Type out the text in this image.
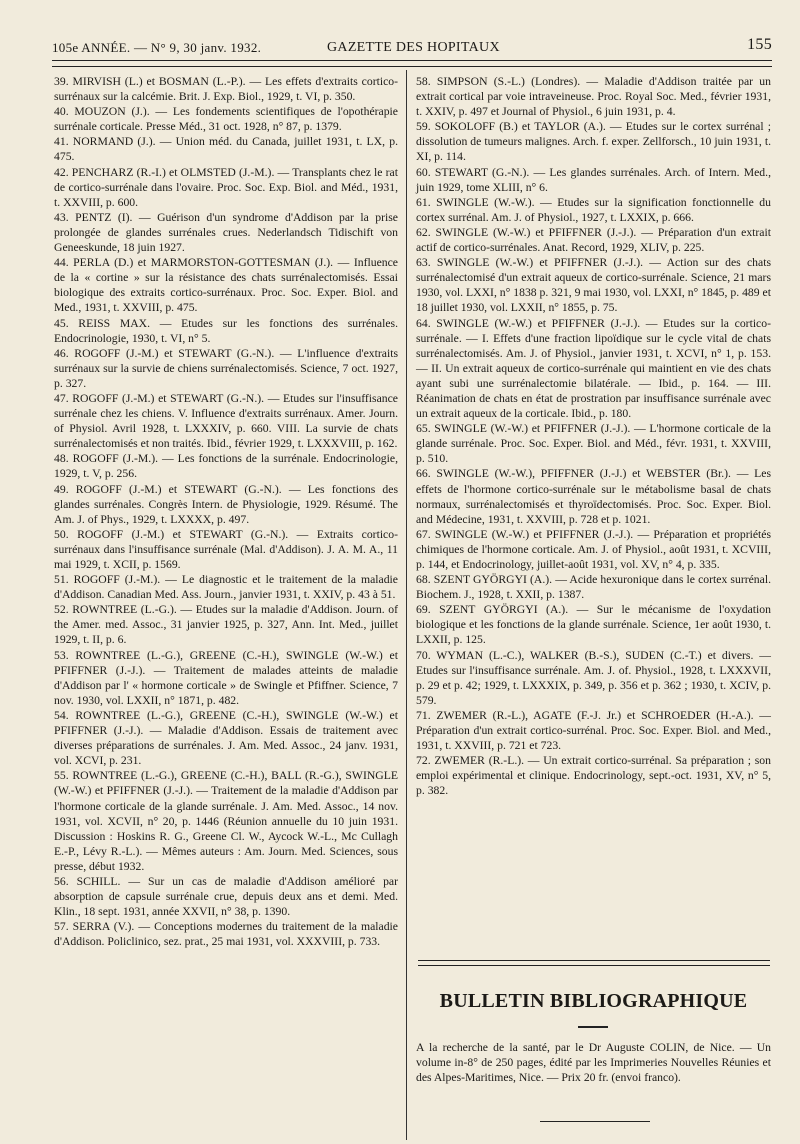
105e ANNÉE. — N° 9, 30 janv. 1932.	GAZETTE DES HOPITAUX	155
39. MIRVISH (L.) et BOSMAN (L.-P.). — Les effets d'extraits cortico-surrénaux sur la calcémie. Brit. J. Exp. Biol., 1929, t. VI, p. 350.
40. MOUZON (J.). — Les fondements scientifiques de l'opothérapie surrénale corticale. Presse Méd., 31 oct. 1928, n° 87, p. 1379.
41. NORMAND (J.). — Union méd. du Canada, juillet 1931, t. LX, p. 475.
42. PENCHARZ (R.-I.) et OLMSTED (J.-M.). — Transplants chez le rat de cortico-surrénale dans l'ovaire. Proc. Soc. Exp. Biol. and Méd., 1931, t. XXVIII, p. 600.
43. PENTZ (I). — Guérison d'un syndrome d'Addison par la prise prolongée de glandes surrénales crues. Nederlandsch Tidischift von Geneeskunde, 18 juin 1927.
44. PERLA (D.) et MARMORSTON-GOTTESMAN (J.). — Influence de la « cortine » sur la résistance des chats surrénalectomisés. Essai biologique des extraits cortico-surrénaux. Proc. Soc. Exper. Biol. and Med., 1931, t. XXVIII, p. 475.
45. REISS MAX. — Etudes sur les fonctions des surrénales. Endocrinologie, 1930, t. VI, n° 5.
46. ROGOFF (J.-M.) et STEWART (G.-N.). — L'influence d'extraits surrénaux sur la survie de chiens surrénalectomisés. Science, 7 oct. 1927, p. 327.
47. ROGOFF (J.-M.) et STEWART (G.-N.). — Etudes sur l'insuffisance surrénale chez les chiens. V. Influence d'extraits surrénaux. Amer. Journ. of Physiol. Avril 1928, t. LXXXIV, p. 660. VIII. La survie de chats surrénalectomisés et non traités. Ibid., février 1929, t. LXXXVIII, p. 162.
48. ROGOFF (J.-M.). — Les fonctions de la surrénale. Endocrinologie, 1929, t. V, p. 256.
49. ROGOFF (J.-M.) et STEWART (G.-N.). — Les fonctions des glandes surrénales. Congrès Intern. de Physiologie, 1929. Résumé. The Am. J. of Phys., 1929, t. LXXXX, p. 497.
50. ROGOFF (J.-M.) et STEWART (G.-N.). — Extraits cortico-surrénaux dans l'insuffisance surrénale (Mal. d'Addison). J. A. M. A., 11 mai 1929, t. XCII, p. 1569.
51. ROGOFF (J.-M.). — Le diagnostic et le traitement de la maladie d'Addison. Canadian Med. Ass. Journ., janvier 1931, t. XXIV, p. 43 à 51.
52. ROWNTREE (L.-G.). — Etudes sur la maladie d'Addison. Journ. of the Amer. med. Assoc., 31 janvier 1925, p. 327, Ann. Int. Med., juillet 1929, t. II, p. 6.
53. ROWNTREE (L.-G.), GREENE (C.-H.), SWINGLE (W.-W.) et PFIFFNER (J.-J.). — Traitement de malades atteints de maladie d'Addison par l' « hormone corticale » de Swingle et Pfiffner. Science, 7 nov. 1930, vol. LXXII, n° 1871, p. 482.
54. ROWNTREE (L.-G.), GREENE (C.-H.), SWINGLE (W.-W.) et PFIFFNER (J.-J.). — Maladie d'Addison. Essais de traitement avec diverses préparations de surrénales. J. Am. Med. Assoc., 24 janv. 1931, vol. XCVI, p. 231.
55. ROWNTREE (L.-G.), GREENE (C.-H.), BALL (R.-G.), SWINGLE (W.-W.) et PFIFFNER (J.-J.). — Traitement de la maladie d'Addison par l'hormone corticale de la glande surrénale. J. Am. Med. Assoc., 14 nov. 1931, vol. XCVII, n° 20, p. 1446 (Réunion annuelle du 10 juin 1931. Discussion : Hoskins R. G., Greene Cl. W., Aycock W.-L., Mc Cullagh E.-P., Lévy R.-L.). — Mêmes auteurs : Am. Journ. Med. Sciences, sous presse, début 1932.
56. SCHILL. — Sur un cas de maladie d'Addison amélioré par absorption de capsule surrénale crue, depuis deux ans et demi. Med. Klin., 18 sept. 1931, année XXVII, n° 38, p. 1390.
57. SERRA (V.). — Conceptions modernes du traitement de la maladie d'Addison. Policlinico, sez. prat., 25 mai 1931, vol. XXXVIII, p. 733.
58. SIMPSON (S.-L.) (Londres). — Maladie d'Addison traitée par un extrait cortical par voie intraveineuse. Proc. Royal Soc. Med., février 1931, t. XXIV, p. 497 et Journal of Physiol., 6 juin 1931, p. 4.
59. SOKOLOFF (B.) et TAYLOR (A.). — Etudes sur le cortex surrénal ; dissolution de tumeurs malignes. Arch. f. exper. Zellforsch., 10 juin 1931, t. XI, p. 114.
60. STEWART (G.-N.). — Les glandes surrénales. Arch. of Intern. Med., juin 1929, tome XLIII, n° 6.
61. SWINGLE (W.-W.). — Etudes sur la signification fonctionnelle du cortex surrénal. Am. J. of Physiol., 1927, t. LXXIX, p. 666.
62. SWINGLE (W.-W.) et PFIFFNER (J.-J.). — Préparation d'un extrait actif de cortico-surrénales. Anat. Record, 1929, XLIV, p. 225.
63. SWINGLE (W.-W.) et PFIFFNER (J.-J.). — Action sur des chats surrénalectomisé d'un extrait aqueux de cortico-surrénale. Science, 21 mars 1930, vol. LXXI, n° 1838 p. 321, 9 mai 1930, vol. LXXI, n° 1845, p. 489 et 18 juillet 1930, vol. LXXII, n° 1855, p. 75.
64. SWINGLE (W.-W.) et PFIFFNER (J.-J.). — Etudes sur la cortico-surrénale. — I. Effets d'une fraction lipoïdique sur le cycle vital de chats surrénalectomisés. Am. J. of Physiol., janvier 1931, t. XCVI, n° 1, p. 153. — II. Un extrait aqueux de cortico-surrénale qui maintient en vie des chats ayant subi une surrénalectomie bilatérale. — Ibid., p. 164. — III. Réanimation de chats en état de prostration par insuffisance surrénale avec un extrait aqueux de la corticale. Ibid., p. 180.
65. SWINGLE (W.-W.) et PFIFFNER (J.-J.). — L'hormone corticale de la glande surrénale. Proc. Soc. Exper. Biol. and Méd., févr. 1931, t. XXVIII, p. 510.
66. SWINGLE (W.-W.), PFIFFNER (J.-J.) et WEBSTER (Br.). — Les effets de l'hormone cortico-surrénale sur le métabolisme basal de chats normaux, surrénalectomisés et thyroïdectomisés. Proc. Soc. Exper. Biol. and Médecine, 1931, t. XXVIII, p. 728 et p. 1021.
67. SWINGLE (W.-W.) et PFIFFNER (J.-J.). — Préparation et propriétés chimiques de l'hormone corticale. Am. J. of Physiol., août 1931, t. XCVIII, p. 144, et Endocrinology, juillet-août 1931, vol. XV, n° 4, p. 335.
68. SZENT GYÖRGYI (A.). — Acide hexuronique dans le cortex surrénal. Biochem. J., 1928, t. XXII, p. 1387.
69. SZENT GYÖRGYI (A.). — Sur le mécanisme de l'oxydation biologique et les fonctions de la glande surrénale. Science, 1er août 1930, t. LXXII, p. 125.
70. WYMAN (L.-C.), WALKER (B.-S.), SUDEN (C.-T.) et divers. — Etudes sur l'insuffisance surrénale. Am. J. of. Physiol., 1928, t. LXXXVII, p. 29 et p. 42; 1929, t. LXXXIX, p. 349, p. 356 et p. 362 ; 1930, t. XCIV, p. 579.
71. ZWEMER (R.-L.), AGATE (F.-J. Jr.) et SCHROEDER (H.-A.). — Préparation d'un extrait cortico-surrénal. Proc. Soc. Exper. Biol. and Med., 1931, t. XXVIII, p. 721 et 723.
72. ZWEMER (R.-L.). — Un extrait cortico-surrénal. Sa préparation ; son emploi expérimental et clinique. Endocrinology, sept.-oct. 1931, XV, n° 5, p. 382.
BULLETIN BIBLIOGRAPHIQUE
A la recherche de la santé, par le Dr Auguste COLIN, de Nice. — Un volume in-8° de 250 pages, édité par les Imprimeries Nouvelles Réunies et des Alpes-Maritimes, Nice. — Prix 20 fr. (envoi franco).
